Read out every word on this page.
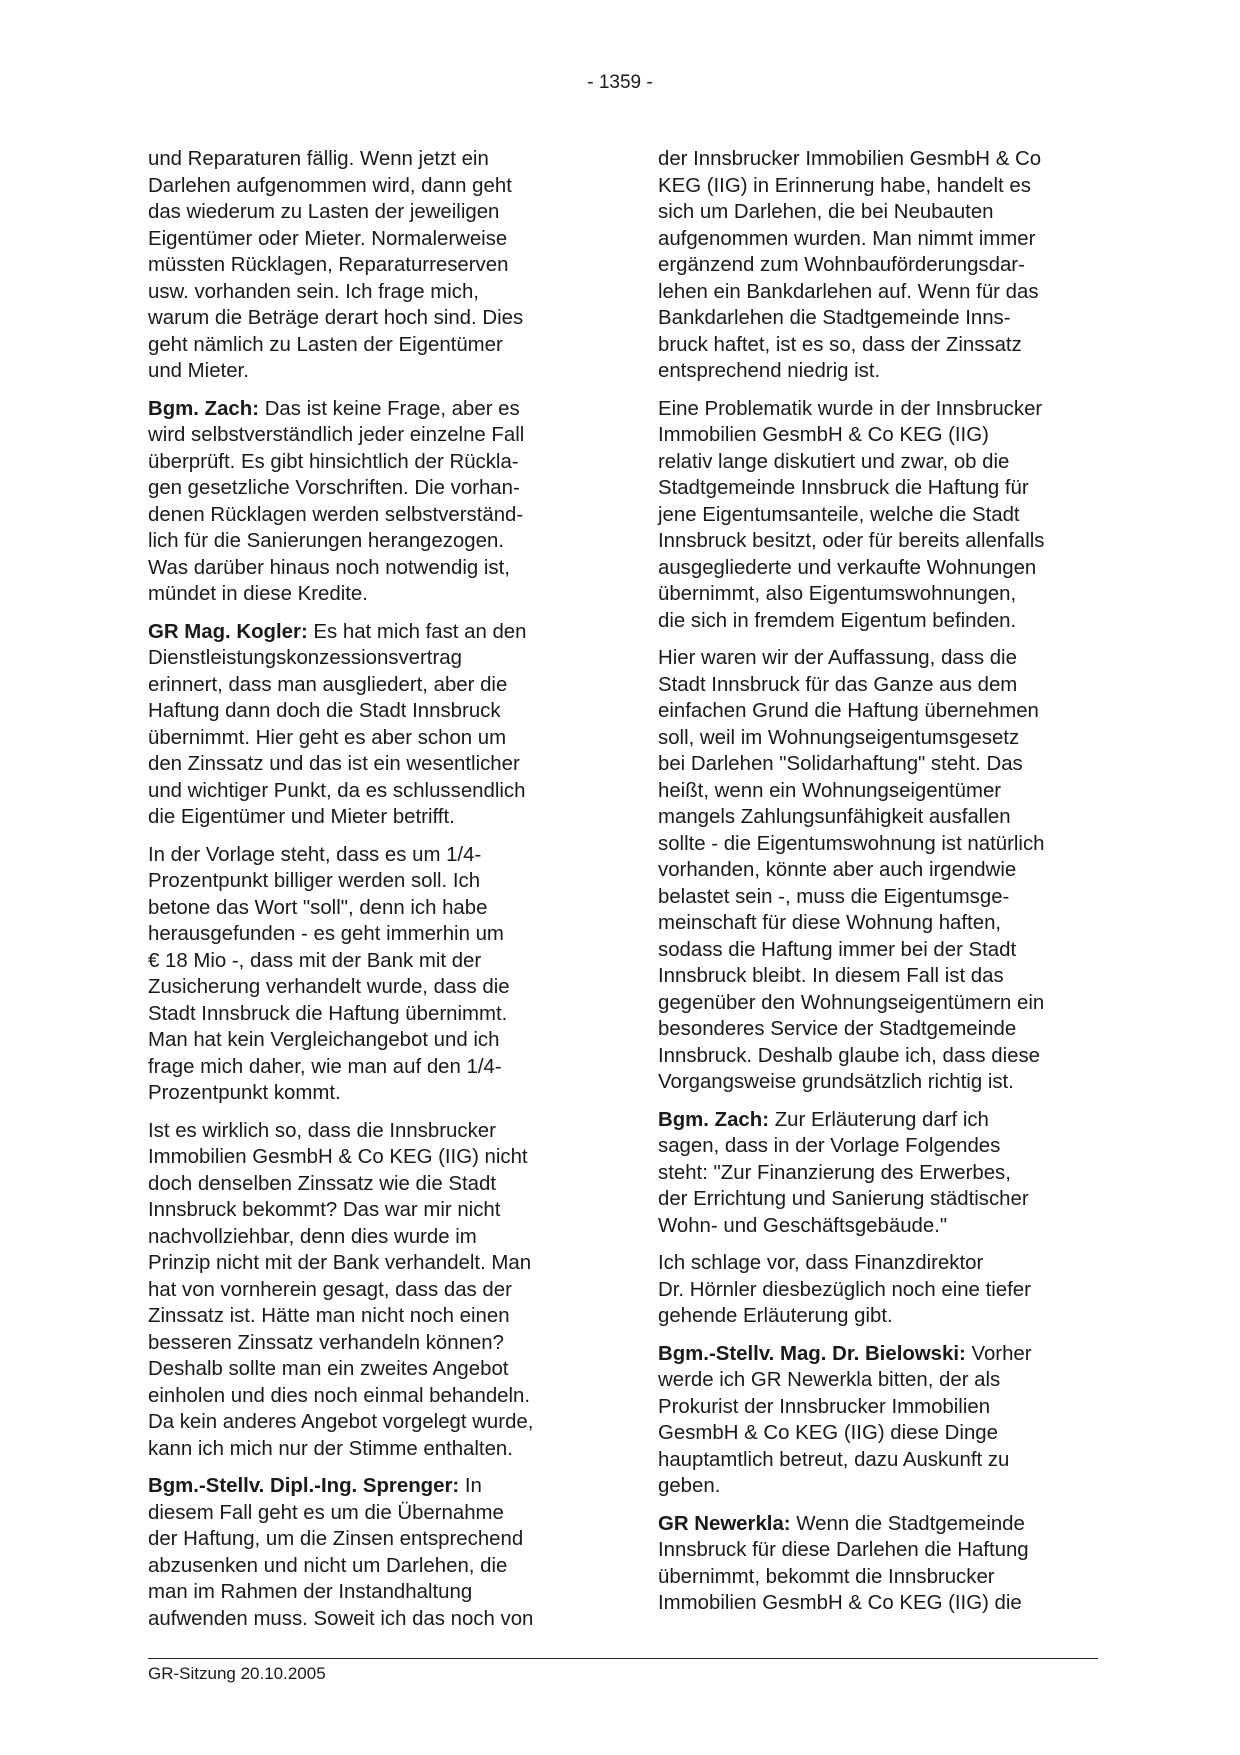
- 1359 -
und Reparaturen fällig. Wenn jetzt ein
Darlehen aufgenommen wird, dann geht
das wiederum zu Lasten der jeweiligen
Eigentümer oder Mieter. Normalerweise
müssten Rücklagen, Reparaturreserven
usw. vorhanden sein. Ich frage mich,
warum die Beträge derart hoch sind. Dies
geht nämlich zu Lasten der Eigentümer
und Mieter.
Bgm. Zach: Das ist keine Frage, aber es
wird selbstverständlich jeder einzelne Fall
überprüft. Es gibt hinsichtlich der Rückla-
gen gesetzliche Vorschriften. Die vorhan-
denen Rücklagen werden selbstverständ-
lich für die Sanierungen herangezogen.
Was darüber hinaus noch notwendig ist,
mündet in diese Kredite.
GR Mag. Kogler: Es hat mich fast an den
Dienstleistungskonzessionsvertrag
erinnert, dass man ausgliedert, aber die
Haftung dann doch die Stadt Innsbruck
übernimmt. Hier geht es aber schon um
den Zinssatz und das ist ein wesentlicher
und wichtiger Punkt, da es schlussendlich
die Eigentümer und Mieter betrifft.
In der Vorlage steht, dass es um 1/4-
Prozentpunkt billiger werden soll. Ich
betone das Wort "soll", denn ich habe
herausgefunden - es geht immerhin um
€ 18 Mio -, dass mit der Bank mit der
Zusicherung verhandelt wurde, dass die
Stadt Innsbruck die Haftung übernimmt.
Man hat kein Vergleichangebot und ich
frage mich daher, wie man auf den 1/4-
Prozentpunkt kommt.
Ist es wirklich so, dass die Innsbrucker
Immobilien GesmbH & Co KEG (IIG) nicht
doch denselben Zinssatz wie die Stadt
Innsbruck bekommt? Das war mir nicht
nachvollziehbar, denn dies wurde im
Prinzip nicht mit der Bank verhandelt. Man
hat von vornherein gesagt, dass das der
Zinssatz ist. Hätte man nicht noch einen
besseren Zinssatz verhandeln können?
Deshalb sollte man ein zweites Angebot
einholen und dies noch einmal behandeln.
Da kein anderes Angebot vorgelegt wurde,
kann ich mich nur der Stimme enthalten.
Bgm.-Stellv. Dipl.-Ing. Sprenger: In
diesem Fall geht es um die Übernahme
der Haftung, um die Zinsen entsprechend
abzusenken und nicht um Darlehen, die
man im Rahmen der Instandhaltung
aufwenden muss. Soweit ich das noch von
der Innsbrucker Immobilien GesmbH & Co
KEG (IIG) in Erinnerung habe, handelt es
sich um Darlehen, die bei Neubauten
aufgenommen wurden. Man nimmt immer
ergänzend zum Wohnbauförderungsdar-
lehen ein Bankdarlehen auf. Wenn für das
Bankdarlehen die Stadtgemeinde Inns-
bruck haftet, ist es so, dass der Zinssatz
entsprechend niedrig ist.
Eine Problematik wurde in der Innsbrucker
Immobilien GesmbH & Co KEG (IIG)
relativ lange diskutiert und zwar, ob die
Stadtgemeinde Innsbruck die Haftung für
jene Eigentumsanteile, welche die Stadt
Innsbruck besitzt, oder für bereits allenfalls
ausgegliederte und verkaufte Wohnungen
übernimmt, also Eigentumswohnungen,
die sich in fremdem Eigentum befinden.
Hier waren wir der Auffassung, dass die
Stadt Innsbruck für das Ganze aus dem
einfachen Grund die Haftung übernehmen
soll, weil im Wohnungseigentumsgesetz
bei Darlehen "Solidarhaftung" steht. Das
heißt, wenn ein Wohnungseigentümer
mangels Zahlungsunfähigkeit ausfallen
sollte - die Eigentumswohnung ist natürlich
vorhanden, könnte aber auch irgendwie
belastet sein -, muss die Eigentumsge-
meinschaft für diese Wohnung haften,
sodass die Haftung immer bei der Stadt
Innsbruck bleibt. In diesem Fall ist das
gegenüber den Wohnungseigentümern ein
besonderes Service der Stadtgemeinde
Innsbruck. Deshalb glaube ich, dass diese
Vorgangsweise grundsätzlich richtig ist.
Bgm. Zach: Zur Erläuterung darf ich
sagen, dass in der Vorlage Folgendes
steht: "Zur Finanzierung des Erwerbes,
der Errichtung und Sanierung städtischer
Wohn- und Geschäftsgebäude."
Ich schlage vor, dass Finanzdirektor
Dr. Hörnler diesbezüglich noch eine tiefer
gehende Erläuterung gibt.
Bgm.-Stellv. Mag. Dr. Bielowski: Vorher
werde ich GR Newerkla bitten, der als
Prokurist der Innsbrucker Immobilien
GesmbH & Co KEG (IIG) diese Dinge
hauptamtlich betreut, dazu Auskunft zu
geben.
GR Newerkla: Wenn die Stadtgemeinde
Innsbruck für diese Darlehen die Haftung
übernimmt, bekommt die Innsbrucker
Immobilien GesmbH & Co KEG (IIG) die
GR-Sitzung 20.10.2005
